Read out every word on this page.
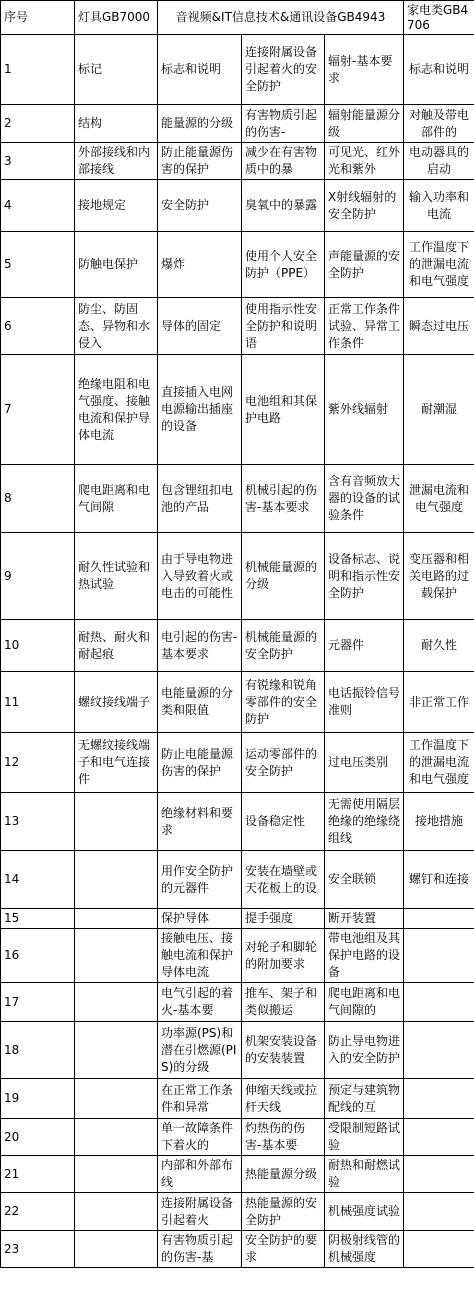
序号	灯具GB7000	音视频&IT信息技术&通讯设备GB4943			家电类GB4706
1	标记	标志和说明	连接附属设备引起着火的安全防护	辐射-基本要求	标志和说明
2	结构	能量源的分级	有害物质引起的伤害-	辐射能量源分级	对触及带电部件的
3	外部接线和内部接线	防止能量源伤害的保护	减少在有害物质中的暴	可见光、红外光和紫外	电动器具的启动
4	接地规定	安全防护	臭氧中的暴露	X射线辐射的安全防护	输入功率和电流
5	防触电保护	爆炸	使用个人安全防护（PPE）	声能量源的安全防护	工作温度下的泄漏电流和电气强度
6	防尘、防固态、异物和水侵入	导体的固定	使用指示性安全防护和说明语	正常工作条件试验、异常工作条件	瞬态过电压
7	绝缘电阻和电气强度、接触电流和保护导体电流	直接插入电网电源输出插座的设备	电池组和其保护电路	紫外线辐射	耐潮湿
8	爬电距离和电气间隙	包含锂纽扣电池的产品	机械引起的伤害-基本要求	含有音频放大器的设备的试验条件	泄漏电流和电气强度
9	耐久性试验和热试验	由于导电物进入导致着火或电击的可能性	机械能量源的分级	设备标志、说明和指示性安全防护	变压器和相关电路的过载保护
10	耐热、耐火和耐起痕	电引起的伤害-基本要求	机械能量源的安全防护	元器件	耐久性
11	螺纹接线端子	电能量源的分类和限值	有锐缘和锐角零部件的安全防护	电话振铃信号准则	非正常工作
12	无螺纹接线端子和电气连接件	防止电能量源伤害的保护	运动零部件的安全防护	过电压类别	工作温度下的泄漏电流和电气强度
13		绝缘材料和要求	设备稳定性	无需使用隔层绝缘的绝缘绕组线	接地措施
14		用作安全防护的元器件	安装在墙壁或天花板上的设	安全联锁	螺钉和连接
15		保护导体	提手强度	断开装置	
16		接触电压、接触电流和保护导体电流	对轮子和脚轮的附加要求	带电池组及其保护电路的设备	
17		电气引起的着火-基本要	推车、架子和类似搬运	爬电距离和电气间隙的	
18		功率源(PS)和潜在引燃源(PIS)的分级	机架安装设备的安装装置	防止导电物进入的安全防护	
19		在正常工作条件和异常	伸缩天线或拉杆天线	预定与建筑物配线的互	
20		单一故障条件下着火的	灼热伤的伤害-基本要	受限制短路试验	
21		内部和外部布线	热能量源分级	耐热和耐燃试验	
22		连接附属设备引起着火	热能量源的安全防护	机械强度试验	
23		有害物质引起的伤害-基	安全防护的要求	阴极射线管的机械强度	
